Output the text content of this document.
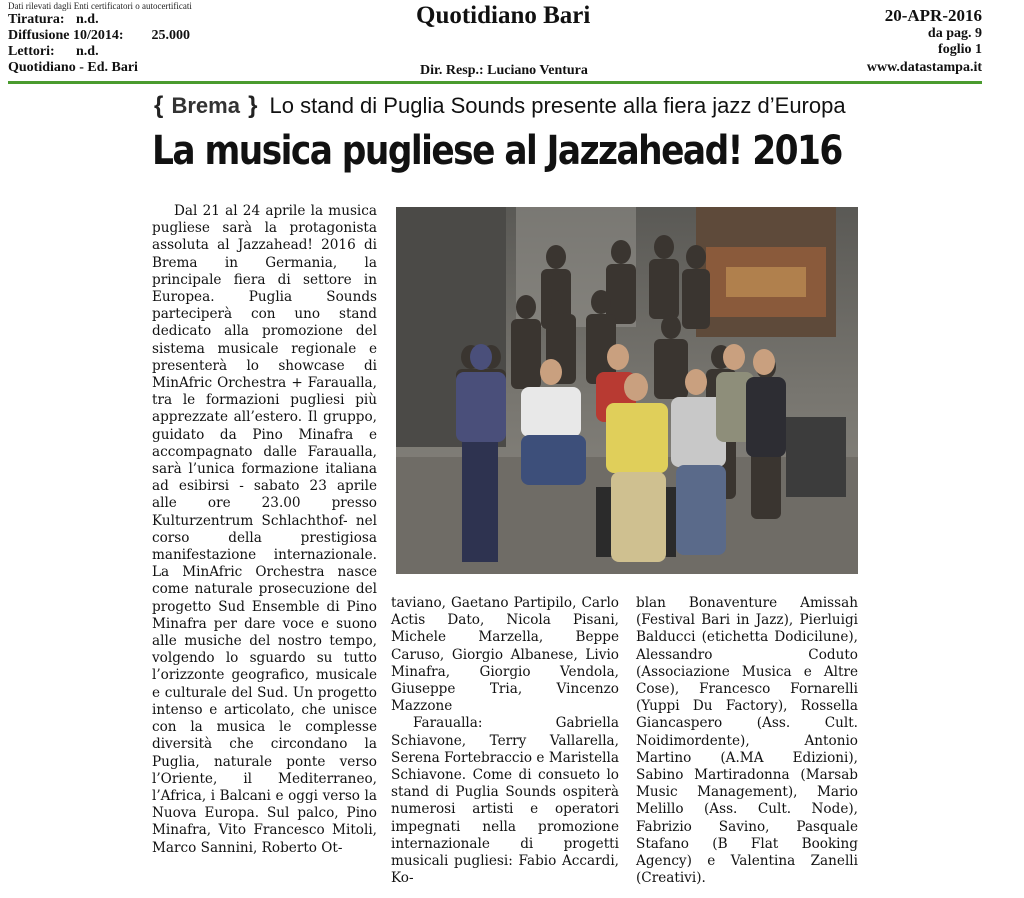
Dati rilevati dagli Enti certificatori o autocertificati
Tiratura: n.d.
Diffusione 10/2014: 25.000
Lettori: n.d.
Quotidiano - Ed. Bari
Quotidiano Bari
Dir. Resp.: Luciano Ventura
20-APR-2016
da pag. 9
foglio 1
www.datastampa.it
{ Brema } Lo stand di Puglia Sounds presente alla fiera jazz d’Europa
La musica pugliese al Jazzahead! 2016

Dal 21 al 24 aprile la musica pugliese sarà la protagonista assoluta al Jazzahead! 2016 di Brema in Germania, la principale fiera di settore in Europea. Puglia Sounds parteciperà con uno stand dedicato alla promozione del sistema musicale regionale e presenterà lo showcase di MinAfric Orchestra + Faraualla, tra le formazioni pugliesi più apprezzate all’estero. Il gruppo, guidato da Pino Minafra e accompagnato dalle Faraualla, sarà l’unica formazione italiana ad esibirsi - sabato 23 aprile alle ore 23.00 presso Kulturzentrum Schlachthof- nel corso della prestigiosa manifestazione internazionale. La MinAfric Orchestra nasce come naturale prosecuzione del progetto Sud Ensemble di Pino Minafra per dare voce e suono alle musiche del nostro tempo, volgendo lo sguardo su tutto l’orizzonte geografico, musicale e culturale del Sud. Un progetto intenso e articolato, che unisce con la musica le complesse diversità che circondano la Puglia, naturale ponte verso l’Oriente, il Mediterraneo, l’Africa, i Balcani e oggi verso la Nuova Europa. Sul palco, Pino Minafra, Vito Francesco Mitoli, Marco Sannini, Roberto Ot-

taviano, Gaetano Partipilo, Carlo Actis Dato, Nicola Pisani, Michele Marzella, Beppe Caruso, Giorgio Albanese, Livio Minafra, Giorgio Vendola, Giuseppe Tria, Vincenzo Mazzone

Faraualla: Gabriella Schiavone, Terry Vallarella, Serena Fortebraccio e Maristella Schiavone. Come di consueto lo stand di Puglia Sounds ospiterà numerosi artisti e operatori impegnati nella promozione internazionale di progetti musicali pugliesi: Fabio Accardi, Ko-

blan Bonaventure Amissah (Festival Bari in Jazz), Pierluigi Balducci (etichetta Dodicilune), Alessandro Coduto (Associazione Musica e Altre Cose), Francesco Fornarelli (Yuppi Du Factory), Rossella Giancaspero (Ass. Cult. Noidimordente), Antonio Martino (A.MA Edizioni), Sabino Martiradonna (Marsab Music Management), Mario Melillo (Ass. Cult. Node), Fabrizio Savino, Pasquale Stafano (B Flat Booking Agency) e Valentina Zanelli (Creativi).
